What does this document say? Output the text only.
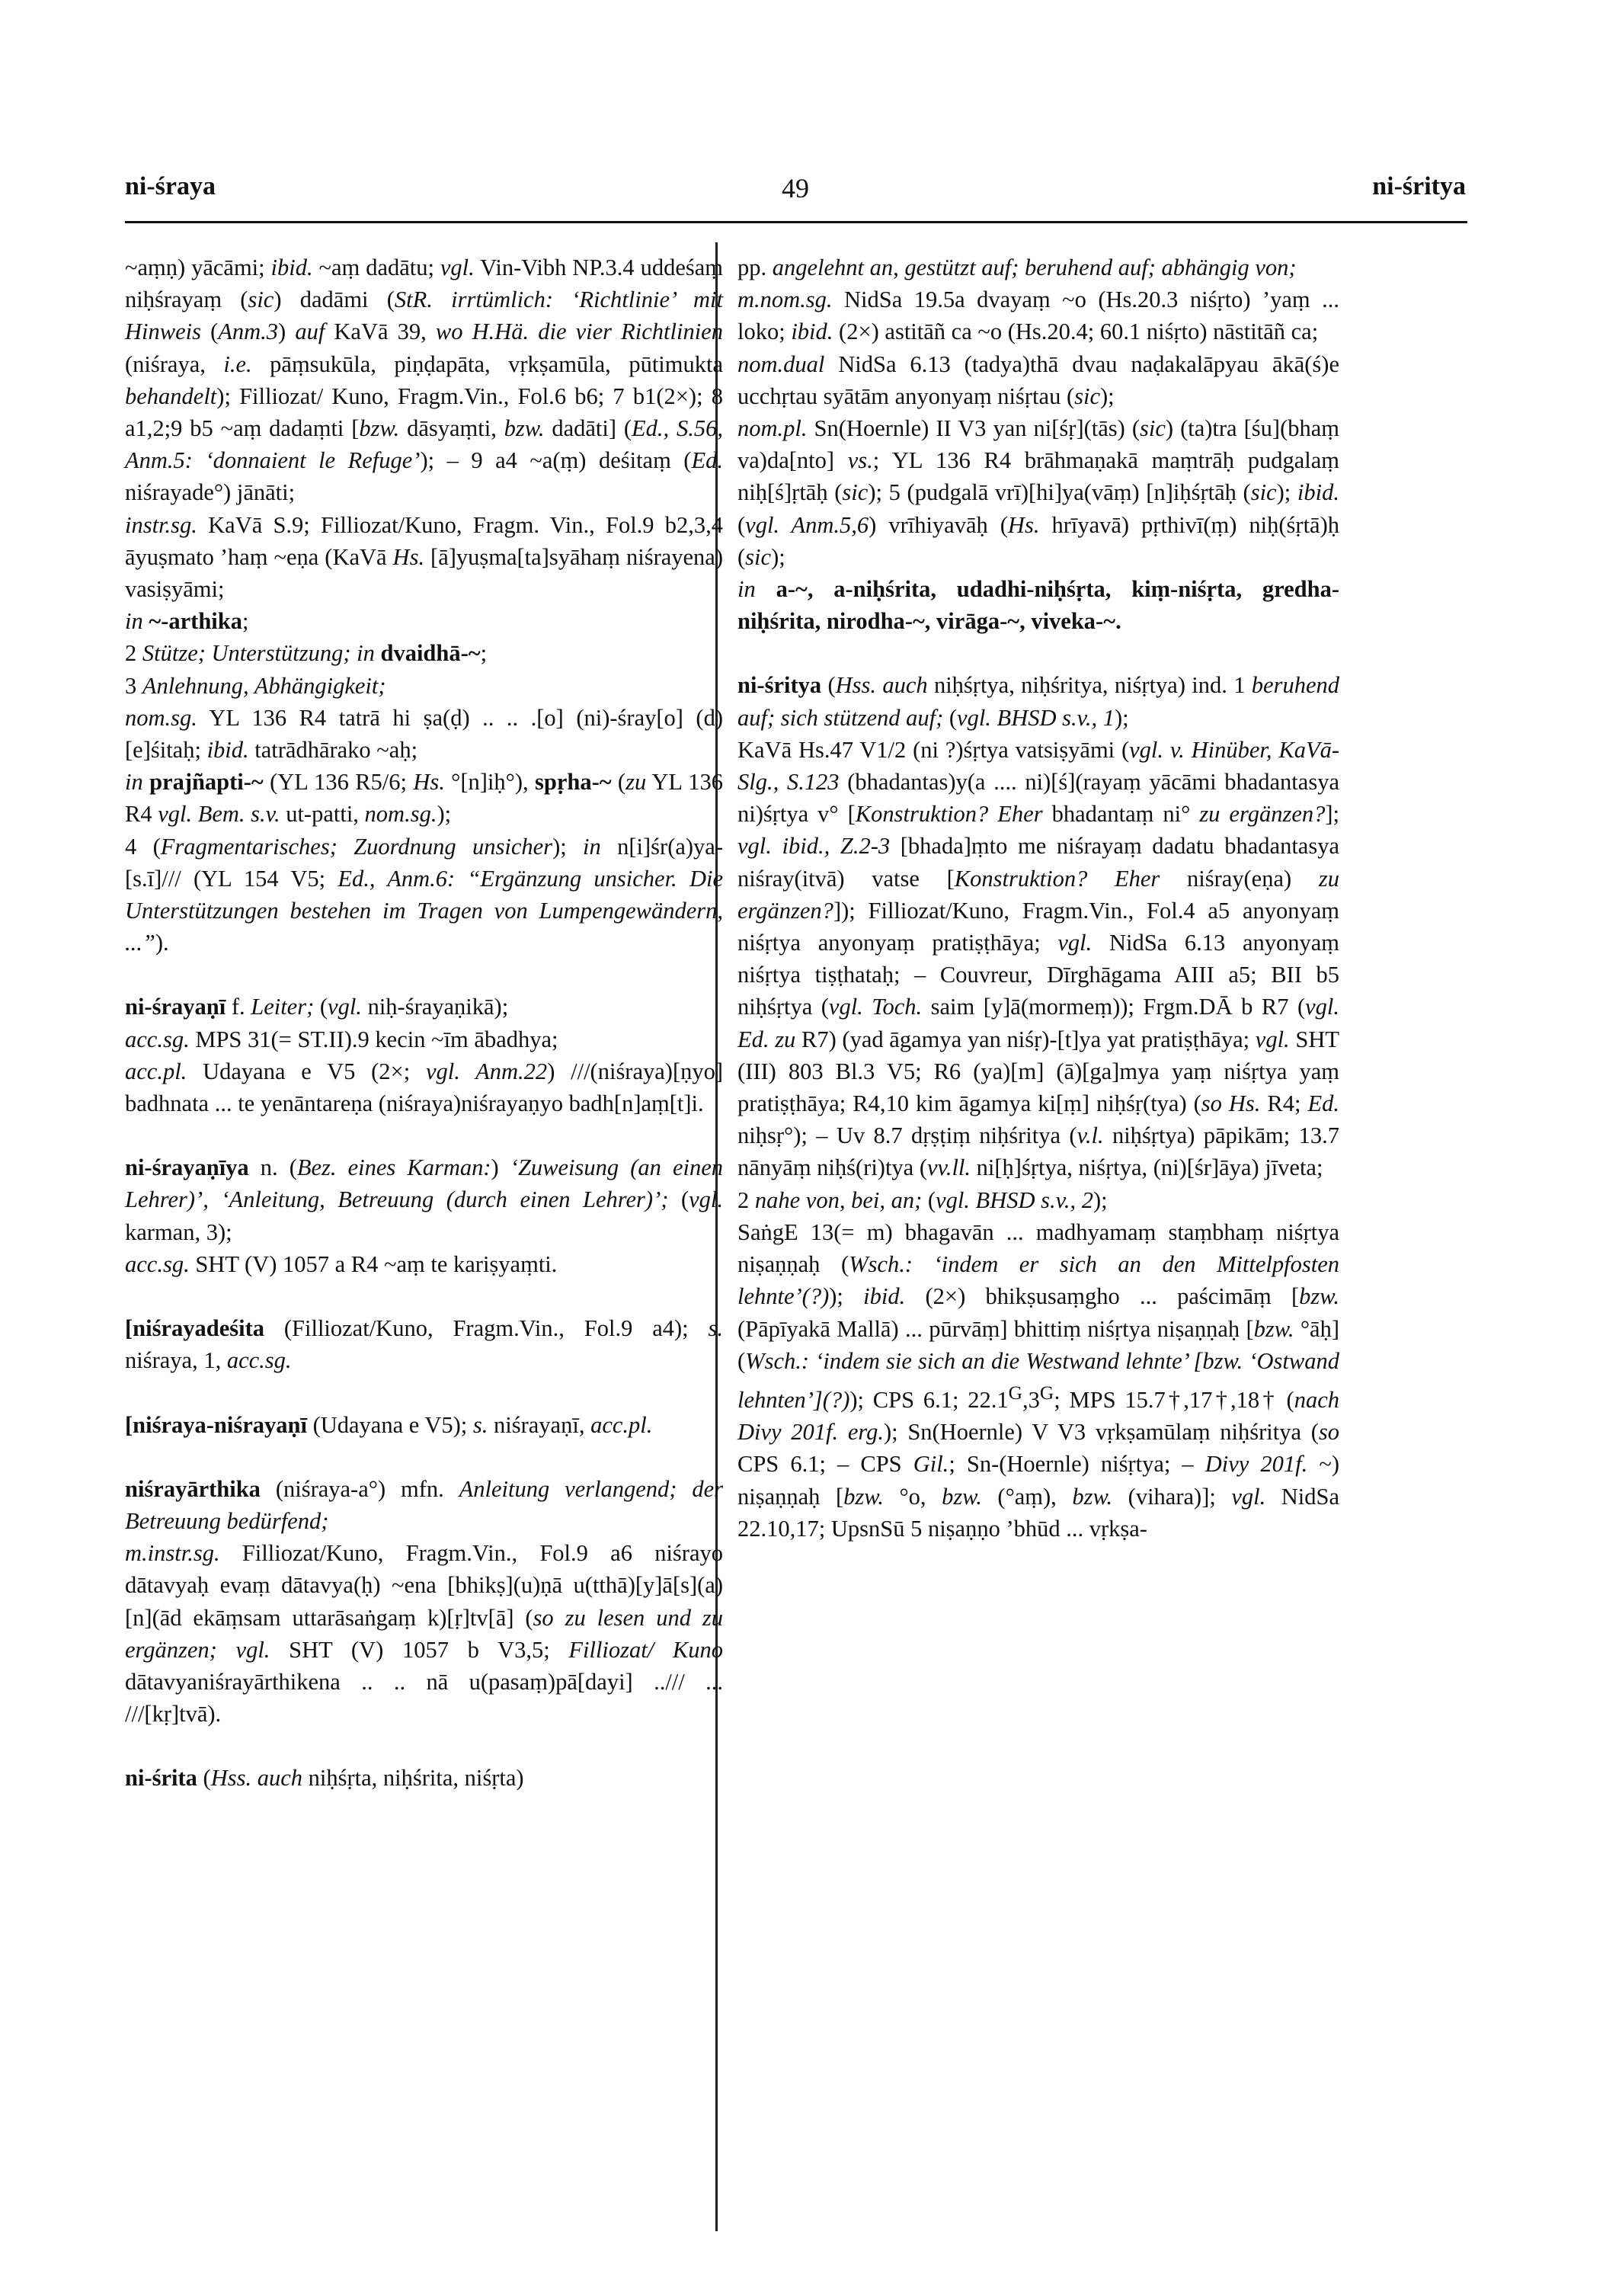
ni-śraya	49	ni-śritya

~aṃṇ) yācāmi; ibid. ~aṃ dadātu; vgl. Vin-Vibh NP.3.4 uddeśaṃ niḥśrayaṃ (sic) dadāmi (StR. irrtümlich: ‘Richtlinie’ mit Hinweis (Anm.3) auf KaVā 39, wo H.Hä. die vier Richtlinien (niśraya, i.e. pāṃsukūla, piṇḍapāta, vṛkṣamūla, pūtimukta behandelt); Filliozat/ Kuno, Fragm.Vin., Fol.6 b6; 7 b1(2×); 8 a1,2;9 b5 ~aṃ dadaṃti [bzw. dāsyaṃti, bzw. dadāti] (Ed., S.56, Anm.5: ‘donnaient le Refuge’); – 9 a4 ~a(ṃ) deśitaṃ (Ed. niśrayade°) jānāti;

instr.sg. KaVā S.9; Filliozat/Kuno, Fragm. Vin., Fol.9 b2,3,4 āyuṣmato ’haṃ ~eṇa (KaVā Hs. [ā]yuṣma[ta]syāhaṃ niśrayena) vasiṣyāmi;

in ~-arthika;

2 Stütze; Unterstützung; in dvaidhā-~;

3 Anlehnung, Abhängigkeit;

nom.sg. YL 136 R4 tatrā hi ṣa(ḍ) .. .. .[o] (ni)-śray[o] (d)[e]śitaḥ; ibid. tatrādhārako ~aḥ;

in prajñapti-~ (YL 136 R5/6; Hs. °[n]iḥ°), spṛha-~ (zu YL 136 R4 vgl. Bem. s.v. ut-patti, nom.sg.);

4 (Fragmentarisches; Zuordnung unsicher); in n[i]śr(a)ya-[s.ī]/// (YL 154 V5; Ed., Anm.6: “Ergänzung unsicher. Die Unterstützungen bestehen im Tragen von Lumpengewändern, ...”).

ni-śrayaṇī f. Leiter; (vgl. niḥ-śrayaṇikā);

acc.sg. MPS 31(= ST.II).9 kecin ~īm ābadhya;

acc.pl. Udayana e V5 (2×; vgl. Anm.22) ///(niśraya)[ṇyo] badhnata ... te yenāntareṇa (niśraya)niśrayaṇyo badh[n]aṃ[t]i.

ni-śrayaṇīya n. (Bez. eines Karman:) ‘Zuweisung (an einen Lehrer)’, ‘Anleitung, Betreuung (durch einen Lehrer)’; (vgl. karman, 3);

acc.sg. SHT (V) 1057 a R4 ~aṃ te kariṣyaṃti.

[niśrayadeśita (Filliozat/Kuno, Fragm.Vin., Fol.9 a4); s. niśraya, 1, acc.sg.

[niśraya-niśrayaṇī (Udayana e V5); s. niśrayaṇī, acc.pl.

niśrayārthika (niśraya-a°) mfn. Anleitung verlangend; der Betreuung bedürfend;

m.instr.sg. Filliozat/Kuno, Fragm.Vin., Fol.9 a6 niśrayo dātavyaḥ evaṃ dātavya(ḥ) ~ena [bhikṣ](u)ṇā u(tthā)[y]ā[s](a)[n](ād ekāṃsam uttarāsaṅgaṃ k)[ṛ]tv[ā] (so zu lesen und zu ergänzen; vgl. SHT (V) 1057 b V3,5; Filliozat/ Kuno dātavyaniśrayārthikena .. .. nā u(pasaṃ)pā[dayi] ../// ... ///[kṛ]tvā).

ni-śrita (Hss. auch niḥśṛta, niḥśrita, niśṛta)

pp. angelehnt an, gestützt auf; beruhend auf; abhängig von;

m.nom.sg. NidSa 19.5a dvayaṃ ~o (Hs.20.3 niśṛto) ’yaṃ ... loko; ibid. (2×) astitāñ ca ~o (Hs.20.4; 60.1 niśṛto) nāstitāñ ca;

nom.dual NidSa 6.13 (tadya)thā dvau naḍakalāpyau ākā(ś)e ucchṛtau syātām anyonyaṃ niśṛtau (sic);

nom.pl. Sn(Hoernle) II V3 yan ni[śṛ](tās) (sic) (ta)tra [śu](bhaṃ va)da[nto] vs.; YL 136 R4 brāhmaṇakā maṃtrāḥ pudgalaṃ niḥ[ś]ṛtāḥ (sic); 5 (pudgalā vrī)[hi]ya(vāṃ) [n]iḥśṛtāḥ (sic); ibid. (vgl. Anm.5,6) vrīhiyavāḥ (Hs. hrīyavā) pṛthivī(ṃ) niḥ(śṛtā)ḥ (sic);

in a-~, a-niḥśrita, udadhi-niḥśṛta, kiṃ-niśṛta, gredha-niḥśrita, nirodha-~, virāga-~, viveka-~.

ni-śritya (Hss. auch niḥśṛtya, niḥśritya, niśṛtya) ind. 1 beruhend auf; sich stützend auf; (vgl. BHSD s.v., 1);

KaVā Hs.47 V1/2 (ni ?)śṛtya vatsiṣyāmi (vgl. v. Hinüber, KaVā-Slg., S.123 (bhadantas)y(a .... ni)[ś](rayaṃ yācāmi bhadantasya ni)śṛtya v° [Konstruktion? Eher bhadantaṃ ni° zu ergänzen?]; vgl. ibid., Z.2-3 [bhada]ṃto me niśrayaṃ dadatu bhadantasya niśray(itvā) vatse [Konstruktion? Eher niśray(eṇa) zu ergänzen?]); Filliozat/Kuno, Fragm.Vin., Fol.4 a5 anyonyaṃ niśṛtya anyonyaṃ pratiṣṭhāya; vgl. NidSa 6.13 anyonyaṃ niśṛtya tiṣṭhataḥ; – Couvreur, Dīrghāgama AIII a5; BII b5 niḥśṛtya (vgl. Toch. saim [y]ā(mormeṃ)); Frgm.DĀ b R7 (vgl. Ed. zu R7) (yad āgamya yan niśṛ)-[t]ya yat pratiṣṭhāya; vgl. SHT (III) 803 Bl.3 V5; R6 (ya)[m] (ā)[ga]mya yaṃ niśṛtya yaṃ pratiṣṭhāya; R4,10 kim āgamya ki[ṃ] niḥśṛ(tya) (so Hs. R4; Ed. niḥsṛ°); – Uv 8.7 dṛṣṭiṃ niḥśritya (v.l. niḥśṛtya) pāpikām; 13.7 nānyāṃ niḥś(ri)tya (vv.ll. ni[ḥ]śṛtya, niśṛtya, (ni)[śr]āya) jīveta;

2 nahe von, bei, an; (vgl. BHSD s.v., 2);

SaṅgE 13(= m) bhagavān ... madhyamaṃ staṃbhaṃ niśṛtya niṣaṇṇaḥ (Wsch.: ‘indem er sich an den Mittelpfosten lehnte’(?)); ibid. (2×) bhikṣusaṃgho ... paścimāṃ [bzw. (Pāpīyakā Mallā) ... pūrvāṃ] bhittiṃ niśṛtya niṣaṇṇaḥ [bzw. °āḥ] (Wsch.: ‘indem sie sich an die Westwand lehnte’ [bzw. ‘Ostwand lehnten’](?)); CPS 6.1; $22.1^G,3^G$; MPS 15.7†,17†,18† (nach Divy 201f. erg.); Sn(Hoernle) V V3 vṛkṣamūlaṃ niḥśritya (so CPS 6.1; – CPS Gil.; Sn-(Hoernle) niśṛtya; – Divy 201f. ~) niṣaṇṇaḥ [bzw. °o, bzw. (°aṃ), bzw. (vihara)]; vgl. NidSa 22.10,17; UpsnSū 5 niṣaṇṇo ’bhūd ... vṛkṣa-
